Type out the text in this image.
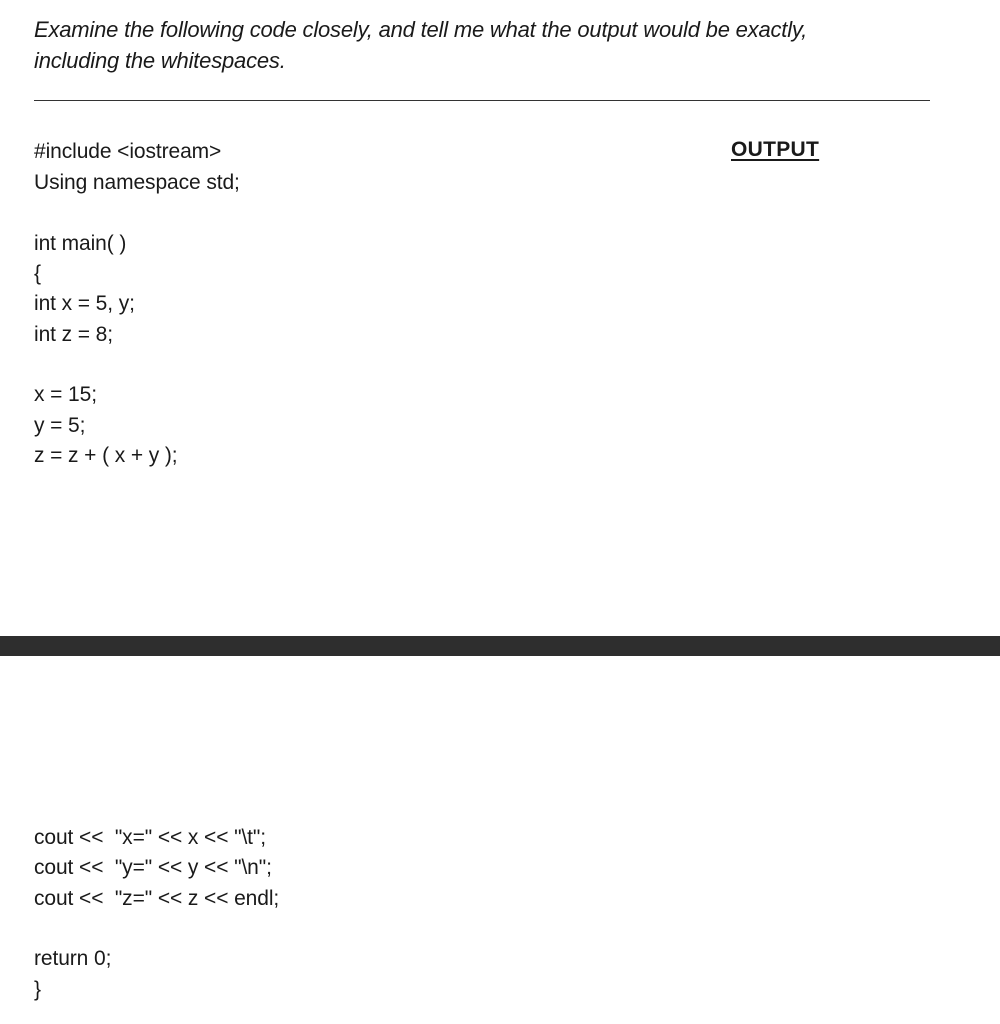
Examine the following code closely, and tell me what the output would be exactly,
including the whitespaces.
OUTPUT
#include <iostream>
Using namespace std;
int main( )
{
int x = 5, y;
int z = 8;
x = 15;
y = 5;
z = z + ( x + y );
cout <<  "x=" << x << "\t";
cout <<  "y=" << y << "\n";
cout <<  "z=" << z << endl;
return 0;
}
